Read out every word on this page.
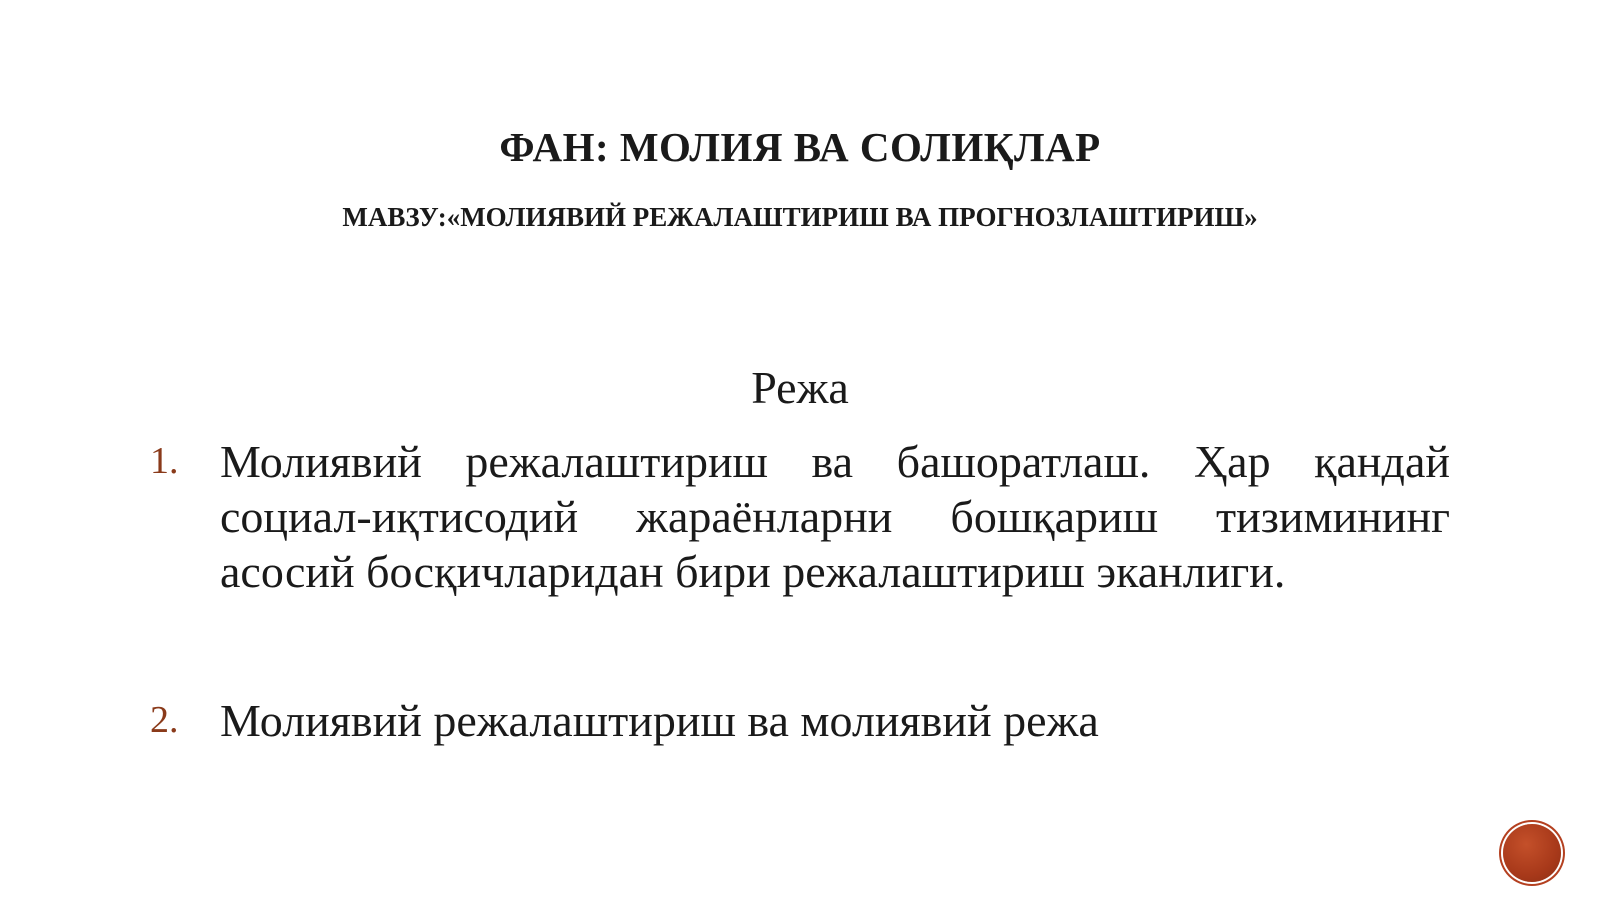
ФАН: МОЛИЯ ВА СОЛИҚЛАР
МАВЗУ:«МОЛИЯВИЙ РЕЖАЛАШТИРИШ ВА ПРОГНОЗЛАШТИРИШ»
Режа
1. Молиявий режалаштириш ва башоратлаш. Ҳар қандай социал-иқтисодий жараёнларни бошқариш тизимининг асосий босқичларидан бири режалаштириш эканлиги.
2. Молиявий режалаштириш ва молиявий режа
